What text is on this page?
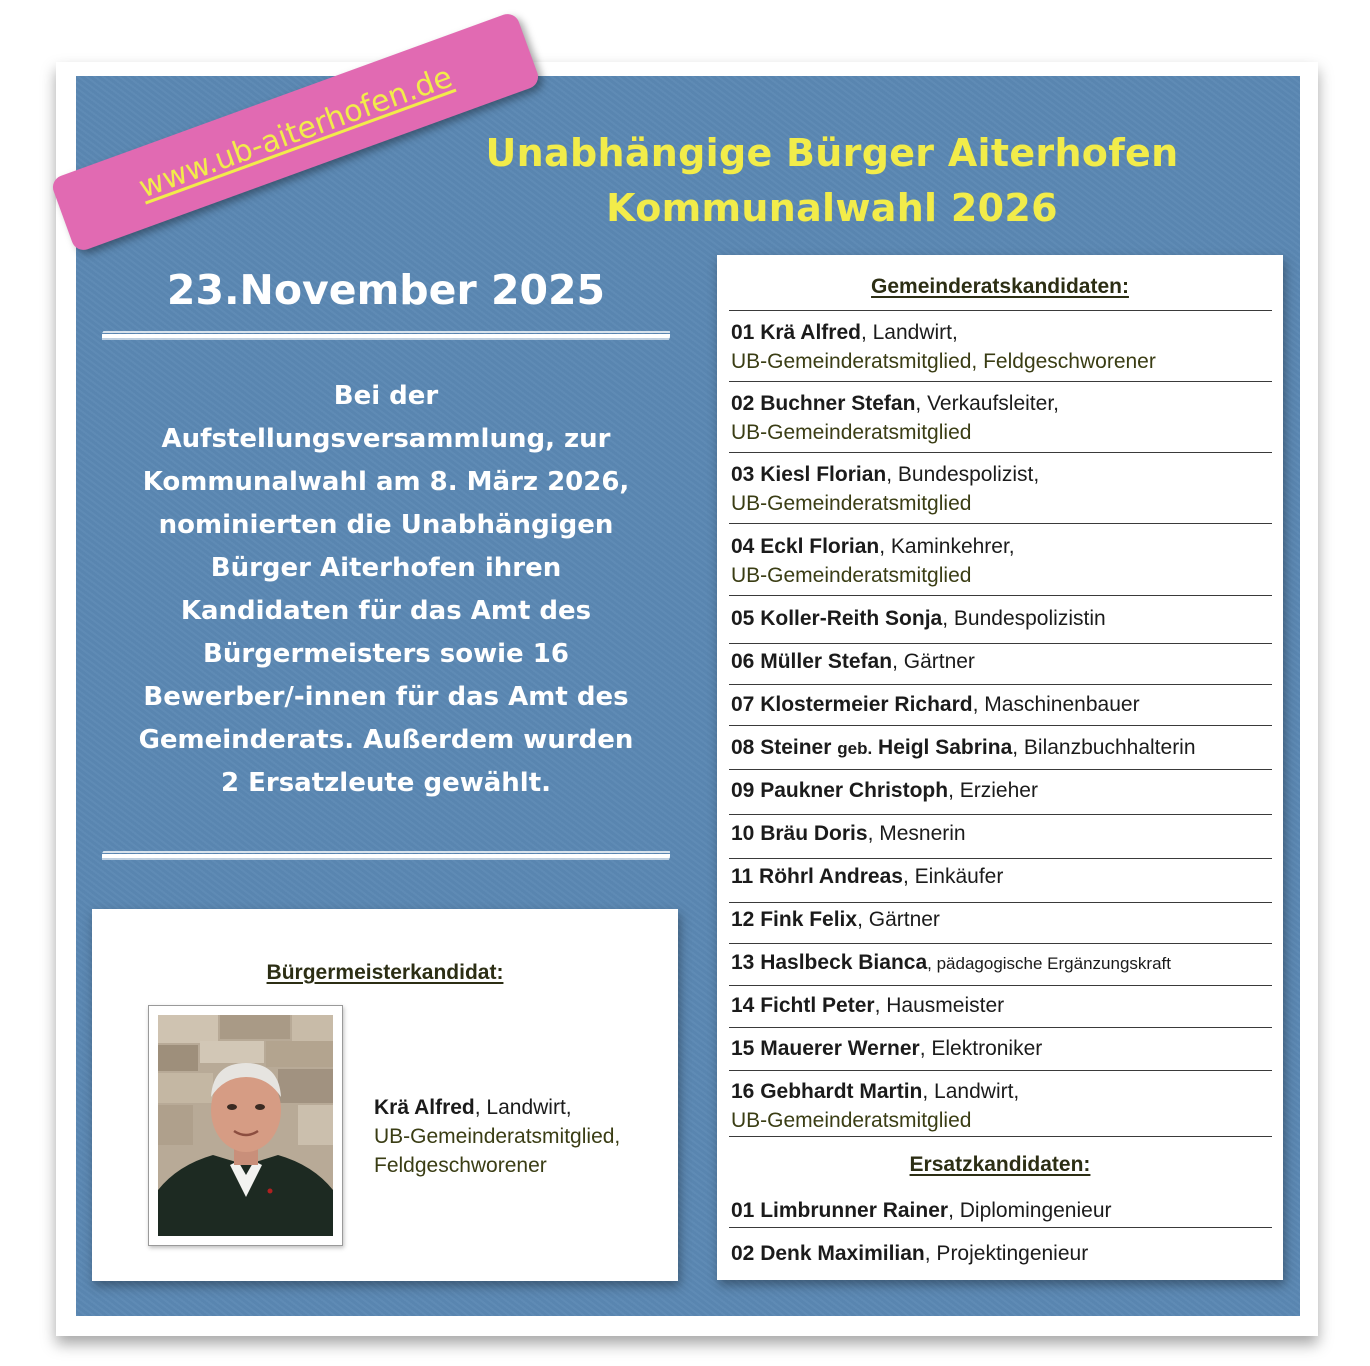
Unabhängige Bürger Aiterhofen
Kommunalwahl 2026
23.November 2025
Bei der
Aufstellungsversammlung, zur
Kommunalwahl am 8. März 2026,
nominierten die Unabhängigen
Bürger Aiterhofen ihren
Kandidaten für das Amt des
Bürgermeisters sowie 16
Bewerber/-innen für das Amt des
Gemeinderats. Außerdem wurden
2 Ersatzleute gewählt.
Bürgermeisterkandidat:
Krä Alfred, Landwirt,
UB-Gemeinderatsmitglied,
Feldgeschworener
Gemeinderatskandidaten:
01 Krä Alfred, Landwirt,
UB-Gemeinderatsmitglied, Feldgeschworener
02 Buchner Stefan, Verkaufsleiter,
UB-Gemeinderatsmitglied
03 Kiesl Florian, Bundespolizist,
UB-Gemeinderatsmitglied
04 Eckl Florian, Kaminkehrer,
UB-Gemeinderatsmitglied
05 Koller-Reith Sonja, Bundespolizistin
06 Müller Stefan, Gärtner
07 Klostermeier Richard, Maschinenbauer
08 Steiner geb. Heigl Sabrina, Bilanzbuchhalterin
09 Paukner Christoph, Erzieher
10 Bräu Doris, Mesnerin
11 Röhrl Andreas, Einkäufer
12 Fink Felix, Gärtner
13 Haslbeck Bianca, pädagogische Ergänzungskraft
14 Fichtl Peter, Hausmeister
15 Mauerer Werner, Elektroniker
16 Gebhardt Martin, Landwirt,
UB-Gemeinderatsmitglied
Ersatzkandidaten:
01 Limbrunner Rainer, Diplomingenieur
02 Denk Maximilian, Projektingenieur
www.ub-aiterhofen.de
